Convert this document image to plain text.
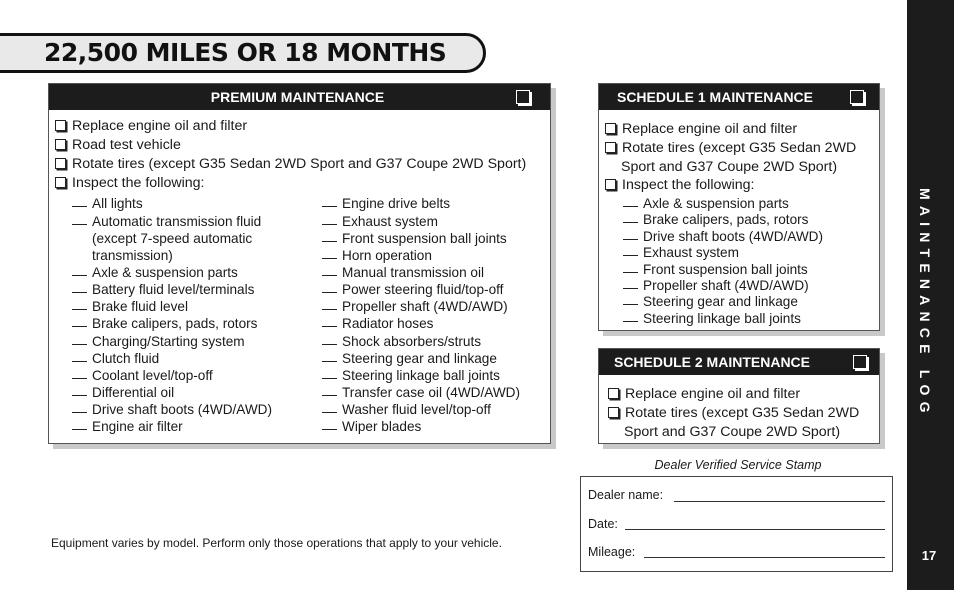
22,500 MILES OR 18 MONTHS
MAINTENANCE LOG
17
PREMIUM MAINTENANCE
Replace engine oil and filter
Road test vehicle
Rotate tires (except G35 Sedan 2WD Sport and G37 Coupe 2WD Sport)
Inspect the following:
All lights
Automatic transmission fluid
(except 7-speed automatic
transmission)
Axle & suspension parts
Battery fluid level/terminals
Brake fluid level
Brake calipers, pads, rotors
Charging/Starting system
Clutch fluid
Coolant level/top-off
Differential oil
Drive shaft boots (4WD/AWD)
Engine air filter
Engine drive belts
Exhaust system
Front suspension ball joints
Horn operation
Manual transmission oil
Power steering fluid/top-off
Propeller shaft (4WD/AWD)
Radiator hoses
Shock absorbers/struts
Steering gear and linkage
Steering linkage ball joints
Transfer case oil (4WD/AWD)
Washer fluid level/top-off
Wiper blades
SCHEDULE 1 MAINTENANCE
Replace engine oil and filter
Rotate tires (except G35 Sedan 2WD
Sport and G37 Coupe 2WD Sport)
Inspect the following:
Axle & suspension parts
Brake calipers, pads, rotors
Drive shaft boots (4WD/AWD)
Exhaust system
Front suspension ball joints
Propeller shaft (4WD/AWD)
Steering gear and linkage
Steering linkage ball joints
SCHEDULE 2 MAINTENANCE
Replace engine oil and filter
Rotate tires (except G35 Sedan 2WD
Sport and G37 Coupe 2WD Sport)
Dealer Verified Service Stamp
Dealer name:
Date:
Mileage:
Equipment varies by model. Perform only those operations that apply to your vehicle.
